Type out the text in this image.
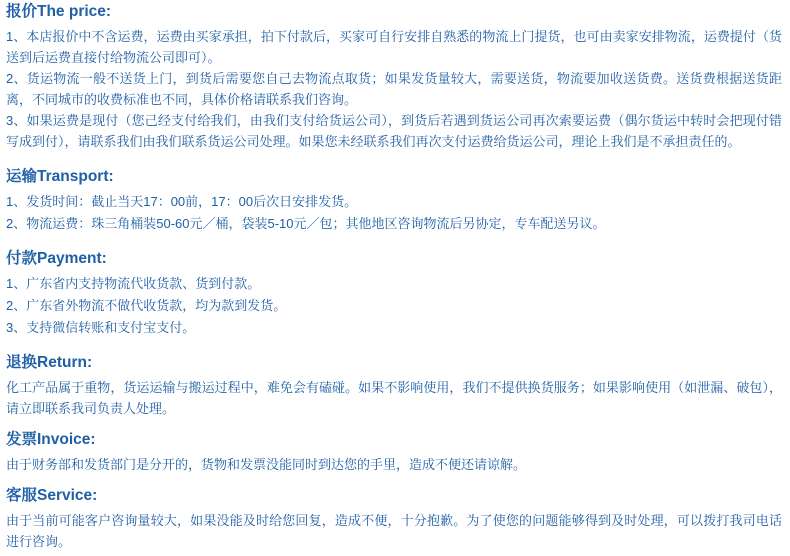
报价The price:
1、本店报价中不含运费，运费由买家承担，拍下付款后，买家可自行安排自熟悉的物流上门提货，也可由卖家安排物流，运费提付（货送到后运费直接付给物流公司即可）。
2、货运物流一般不送货上门，到货后需要您自己去物流点取货；如果发货量较大，需要送货，物流要加收送货费。送货费根据送货距离，不同城市的收费标准也不同，具体价格请联系我们咨询。
3、如果运费是现付（您己经支付给我们，由我们支付给货运公司），到货后若遇到货运公司再次索要运费（偶尔货运中转时会把现付错写成到付），请联系我们由我们联系货运公司处理。如果您未经联系我们再次支付运费给货运公司，理论上我们是不承担责任的。
运输Transport:
1、发货时间：截止当天17：00前，17：00后次日安排发货。
2、物流运费：珠三角桶装50-60元／桶，袋装5-10元／包；其他地区咨询物流后另协定，专车配送另议。
付款Payment:
1、广东省内支持物流代收货款、货到付款。
2、广东省外物流不做代收货款，均为款到发货。
3、支持微信转账和支付宝支付。
退换Return:
化工产品属于重物，货运运输与搬运过程中，难免会有磕碰。如果不影响使用，我们不提供换货服务；如果影响使用（如泄漏、破包），请立即联系我司负责人处理。
发票Invoice:
由于财务部和发货部门是分开的，货物和发票没能同时到达您的手里，造成不便还请谅解。
客服Service:
由于当前可能客户咨询量较大，如果没能及时给您回复，造成不便，十分抱歉。为了使您的问题能够得到及时处理，可以拨打我司电话进行咨询。
